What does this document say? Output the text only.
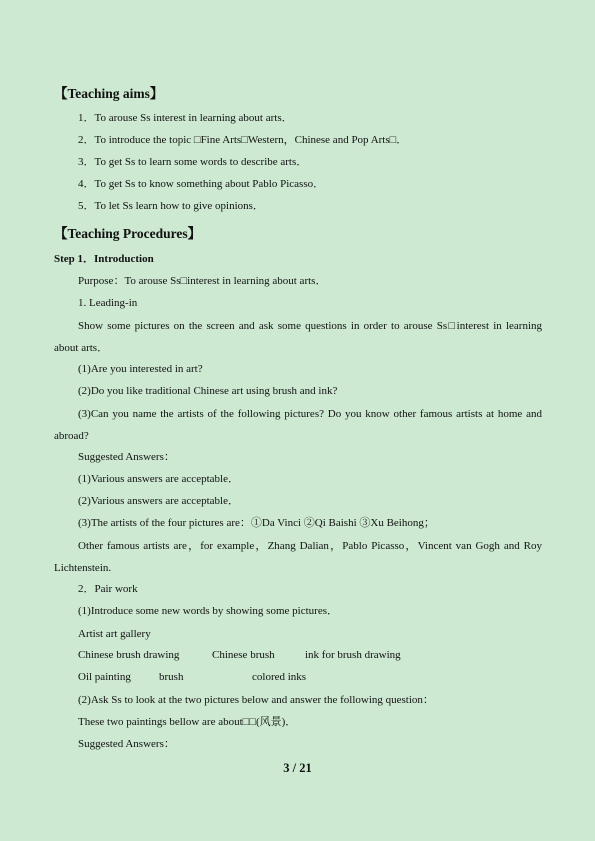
【Teaching aims】
1．To arouse Ss interest in learning about arts．
2．To introduce the topic □Fine Arts□Western，Chinese and Pop Arts□．
3．To get Ss to learn some words to describe arts．
4．To get Ss to know something about Pablo Picasso．
5．To let Ss learn how to give opinions．
【Teaching Procedures】
Step 1．Introduction
Purpose：To arouse Ss□interest in learning about arts．
1. Leading-in
Show some pictures on the screen and ask some questions in order to arouse Ss□interest in learning about arts．
(1)Are you interested in art?
(2)Do you like traditional Chinese art using brush and ink?
(3)Can you name the artists of the following pictures? Do you know other famous artists at home and abroad?
Suggested Answers：
(1)Various answers are acceptable．
(2)Various answers are acceptable．
(3)The artists of the four pictures are：①Da Vinci ②Qi Baishi ③Xu Beihong；
Other famous artists are，for example，Zhang Dalian，Pablo Picasso，Vincent van Gogh and Roy Lichtenstein.
2．Pair work
(1)Introduce some new words by showing some pictures．
Artist art gallery
Chinese brush drawing	Chinese brush	ink for brush drawing
Oil painting	brush	colored inks
(2)Ask Ss to look at the two pictures below and answer the following question：
These two paintings bellow are about□□(风景)．
Suggested Answers：
3 / 21
